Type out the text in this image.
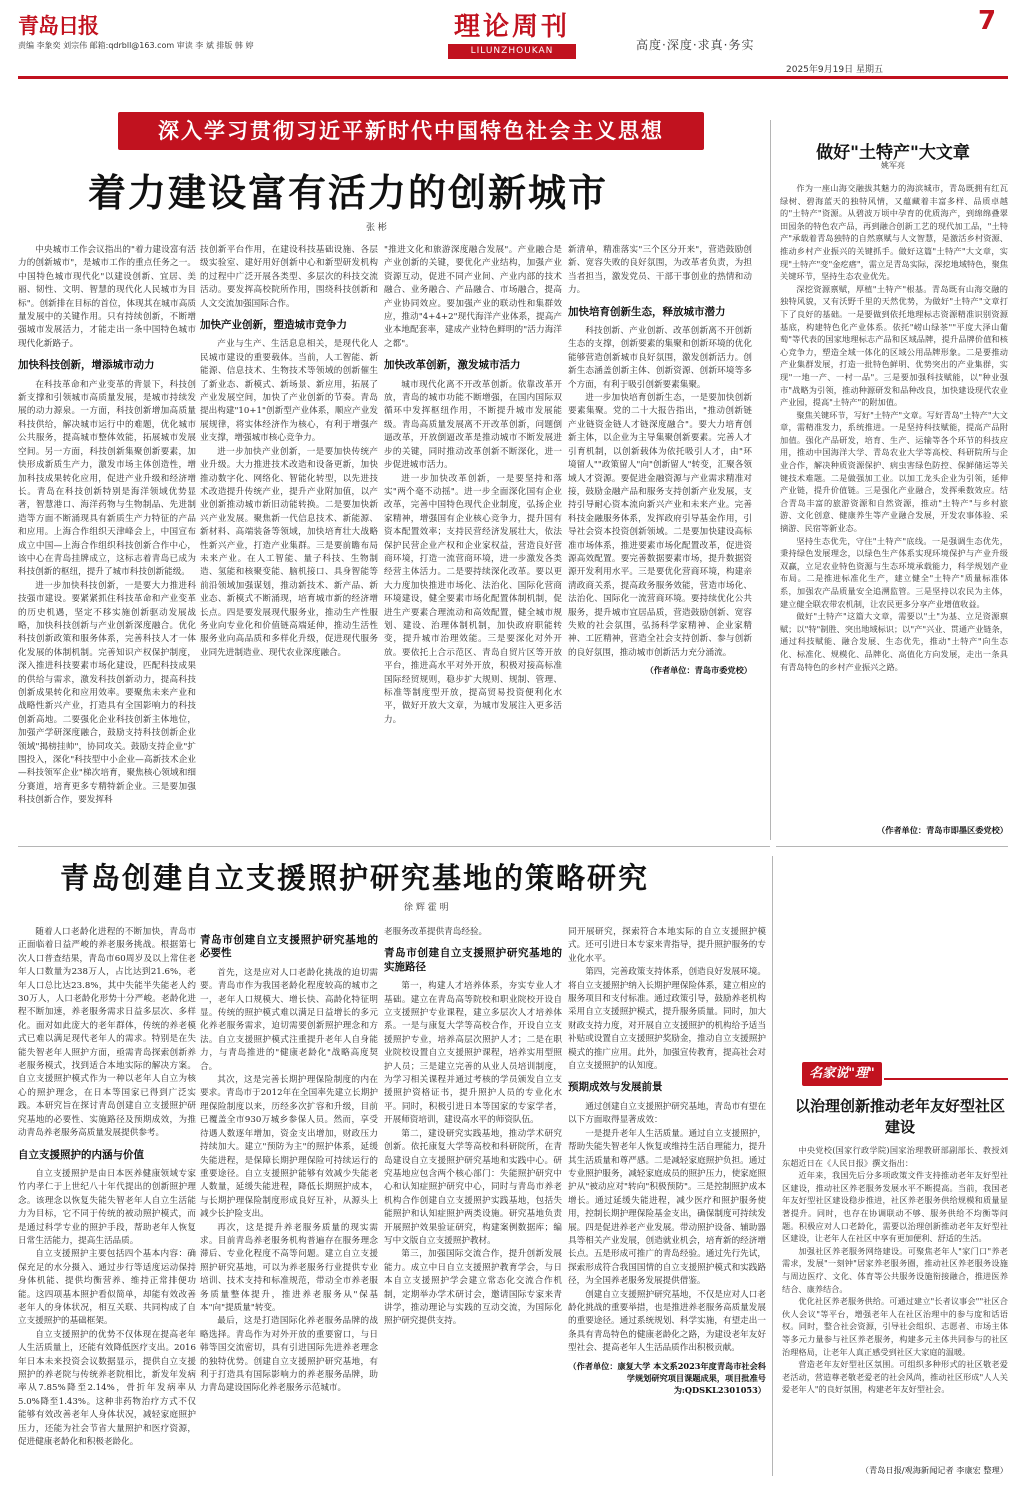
青岛日报	理论周刊
LILUNZHOUKAN
7
高度·深度·求真·务实
责编 李象奕 刘宗伟 邮箱:qdrbll@163.com 审读 李 斌 排版 韩 婷
2025年9月19日 星期五
深入学习贯彻习近平新时代中国特色社会主义思想
着力建设富有活力的创新城市
张 彬

中央城市工作会议指出的"着力建设富有活力的创新城市"，是城市工作的重点任务之一。中国特色城市现代化"以建设创新、宜居、美丽、韧性、文明、智慧的现代化人民城市为目标"。创新排在目标的首位，体现其在城市高质量发展中的关键作用。只有持续创新，不断增强城市发展活力，才能走出一条中国特色城市现代化新路子。

加快科技创新，增添城市动力

在科技革命和产业变革的背景下，科技创新支撑和引领城市高质量发展，是城市持续发展的动力源泉。一方面，科技创新增加高质量科技供给，解决城市运行中的难题，优化城市公共服务，提高城市整体效能，拓展城市发展空间。另一方面，科技创新集聚创新要素，加快形成新质生产力，激发市场主体创造性，增加科技成果转化应用，促进产业升级和经济增长。青岛在科技创新特别是海洋领域优势显著，智慧港口、海洋药物与生物制品、先进制造等方面不断涌现具有新质生产力特征的产品和应用。上海合作组织天津峰会上，中国宣布成立中国—上海合作组织科技创新合作中心，该中心在青岛挂牌成立，这标志着青岛已成为科技创新的枢纽，提升了城市科技创新能级。

进一步加快科技创新，一是要大力推进科技强市建设。要紧紧抓住科技革命和产业变革的历史机遇，坚定不移实施创新驱动发展战略，加快科技创新与产业创新深度融合。优化科技创新政策和服务体系，完善科技人才一体化发展的体制机制。完善知识产权保护制度，深入推进科技要素市场化建设，匹配科技成果的供给与需求，激发科技创新动力，提高科技创新成果转化和应用效率。要聚焦未来产业和战略性新兴产业，打造具有全国影响力的科技创新高地。二要强化企业科技创新主体地位，加强产学研深度融合，鼓励支持科技创新企业领域"揭榜挂帅"，协同攻关。鼓励支持企业"扩围投入，深化"科技型中小企业—高新技术企业—科技领军企业"梯次培育，聚焦核心领域和细分赛道，培育更多专精特新企业。三是要加强科技创新合作，要发挥科

技创新平台作用，在建设科技基础设施、各层级实验室、建好用好创新中心和新型研发机构的过程中广泛开展各类型、多层次的科技交流活动。要发挥高校院所作用，围绕科技创新和人文交流加强国际合作。

加快产业创新，塑造城市竞争力

产业与生产、生活息息相关，是现代化人民城市建设的重要载体。当前，人工智能、新能源、信息技术、生物技术等领域的创新催生了新业态、新模式、新场景、新应用，拓展了产业发展空间，加快了产业创新的节奏。青岛提出构建"10+1"创新型产业体系，顺应产业发展规律，将实体经济作为核心，有利于增强产业支撑，增强城市核心竞争力。

进一步加快产业创新，一是要加快传统产业升级。大力推进技术改造和设备更新，加快推动数字化、网络化、智能化转型，以先进技术改造提升传统产业，提升产业附加值，以产业创新推动城市新旧动能转换。二是要加快新兴产业发展。聚焦新一代信息技术、新能源、新材料、高端装备等领域，加快培育壮大战略性新兴产业，打造产业集群。三是要前瞻布局未来产业。在人工智能、量子科技、生物制造、氢能和核聚变能、脑机接口、具身智能等前沿领域加强谋划，推动新技术、新产品、新业态、新模式不断涌现，培育城市新的经济增长点。四是要发展现代服务业，推动生产性服务业向专业化和价值链高端延伸，推动生活性服务业向高品质和多样化升级，促进现代服务业同先进制造业、现代农业深度融合。

"推进文化和旅游深度融合发展"。产业融合是产业创新的关键，要优化产业结构，加强产业资源互动，促进不同产业间、产业内部的技术融合、业务融合、产品融合、市场融合，提高产业协同效应。要加强产业的联动性和集群效应，推动"4+4+2"现代海洋产业体系，提高产业本地配套率，建成产业特色鲜明的"活力海洋之都"。

加快改革创新，激发城市活力

城市现代化离不开改革创新。依靠改革开放，青岛的城市功能不断增强，在国内国际双循环中发挥枢纽作用，不断提升城市发展能级。青岛高质量发展离不开改革创新，问题倒逼改革，开放倒逼改革是推动城市不断发展进步的关键，同时推动改革创新不断深化，进一步促进城市活力。

进一步加快改革创新，一是要坚持和落实"两个毫不动摇"。进一步全面深化国有企业改革，完善中国特色现代企业制度，弘扬企业家精神，增强国有企业核心竞争力，提升国有资本配置效率；支持民营经济发展壮大，依法保护民营企业产权和企业家权益，营造良好营商环境，打造一流营商环境，进一步激发各类经营主体活力。二是要持续深化改革。要以更大力度加快推进市场化、法治化、国际化营商环境建设，健全要素市场化配置体制机制，促进生产要素合理流动和高效配置，健全城市规划、建设、治理体制机制，加快政府职能转变，提升城市治理效能。三是要深化对外开放。要依托上合示范区、青岛自贸片区等开放平台，推进高水平对外开放，积极对接高标准国际经贸规则，稳步扩大规则、规制、管理、标准等制度型开放，提高贸易投资便利化水平，做好开放大文章，为城市发展注入更多活力。

新清单，精准落实"三个区分开来"，营造鼓励创新、宽容失败的良好氛围，为改革者负责，为担当者担当，激发党员、干部干事创业的热情和动力。

加快培育创新生态，释放城市潜力

科技创新、产业创新、改革创新离不开创新生态的支撑，创新要素的集聚和创新环境的优化能够营造创新城市良好氛围，激发创新活力。创新生态涵盖创新主体、创新资源、创新环境等多个方面，有利于吸引创新要素集聚。

进一步加快培育创新生态，一是要加快创新要素集聚。党的二十大报告指出，"推动创新链产业链资金链人才链深度融合"。要大力培育创新主体，以企业为主导集聚创新要素。完善人才引育机制，以创新载体为依托吸引人才，由"环境留人""政策留人"向"创新留人"转变，汇聚各领域人才资源。要促进金融资源与产业需求精准对接，鼓励金融产品和服务支持创新产业发展，支持引导耐心资本流向新兴产业和未来产业。完善科技金融服务体系，发挥政府引导基金作用，引导社会资本投资创新领域。二是要加快建设高标准市场体系，推进要素市场化配置改革，促进资源高效配置。要完善数据要素市场，提升数据资源开发利用水平。三是要优化营商环境，构建亲清政商关系，提高政务服务效能，营造市场化、法治化、国际化一流营商环境。要持续优化公共服务，提升城市宜居品质，营造鼓励创新、宽容失败的社会氛围，弘扬科学家精神、企业家精神、工匠精神，营造全社会支持创新、参与创新的良好氛围，推动城市创新活力充分涌流。

（作者单位：青岛市委党校）
做好"土特产"大文章
姚军亮

作为一座山海交融拔其魅力的海滨城市，青岛既拥有红瓦绿树、碧海蓝天的独特风情，又蕴藏着丰富多样、品质卓越的"土特产"资源。从碧波万顷中孕育的优质海产，到绵绵叠翠田园条的特色农产品，再到融合创新工艺的现代加工品，"土特产"承载着青岛独特的自然禀赋与人文智慧，是激活乡村资源、推动乡村产业振兴的关键抓手。做好这篇"土特产"大文章，实现"土特产"变"金疙瘩"，需立足青岛实际，深挖地域特色，聚焦关键环节，坚持生态农业优先。

深挖资源禀赋，厚植"土特产"根基。青岛既有山海交融的独特风貌，又有沃野千里的天然优势，为做好"土特产"文章打下了良好的基础。一是要做到依托地理标志资源精准识别资源基底，构建特色化产业体系。依托"崂山绿茶""平度大泽山葡萄"等代表的国家地理标志产品和区域品牌，提升品牌价值和核心竞争力，塑造全域一体化的区域公用品牌形象。二是要推动产业集群发展，打造一批特色鲜明、优势突出的产业集群，实现"一地一产、一村一品"。三是要加强科技赋能，以"种业强市"战略为引领，推动种源研发和品种改良，加快建设现代农业产业园，提高"土特产"的附加值。

聚焦关键环节，写好"土特产"文章。写好青岛"土特产"大文章，需精准发力，系统推进。一是坚持科技赋能，提高产品附加值。强化产品研发，培育、生产、运输等各个环节的科技应用，推动中国海洋大学、青岛农业大学等高校、科研院所与企业合作，解决种质资源保护、病虫害绿色防控、保鲜储运等关键技术难题。二是做强加工业。以加工龙头企业为引领，延伸产业链，提升价值链。三是强化产业融合，发挥乘数效应。结合青岛丰富的旅游资源和自然资源，推动"土特产"与乡村旅游、文化创意、健康养生等产业融合发展，开发农事体验、采摘游、民宿等新业态。

坚持生态优先，守住"土特产"底线。一是强调生态优先，秉持绿色发展理念，以绿色生产体系实现环境保护与产业升级双赢，立足农业特色资源与生态环境承载能力，科学规划产业布局。二是推进标准化生产，建立健全"土特产"质量标准体系，加强农产品质量安全追溯监管。三是坚持以农民为主体，建立健全联农带农机制，让农民更多分享产业增值收益。

做好"土特产"这篇大文章，需要以"土"为基、立足资源禀赋；以"特"制胜、突出地域标识；以"产"兴业、贯通产业链条，通过科技赋能、融合发展、生态优先，推动"土特产"向生态化、标准化、规模化、品牌化、高值化方向发展，走出一条具有青岛特色的乡村产业振兴之路。

（作者单位：青岛市即墨区委党校）
青岛创建自立支援照护研究基地的策略研究
徐 辉 霍 明

随着人口老龄化进程的不断加快，青岛市正面临着日益严峻的养老服务挑战。根据第七次人口普查结果，青岛市60周岁及以上常住老年人口数量为238万人，占比达到21.6%，老年人口总比达23.8%，其中失能半失能老人约30万人，人口老龄化形势十分严峻。老龄化进程不断加速，养老服务需求日益多层次、多样化。面对如此庞大的老年群体，传统的养老模式已难以满足现代老年人的需求。特别是在失能失智老年人照护方面，亟需青岛探索创新养老服务模式，找到适合本地实际的解决方案。自立支援照护模式作为一种以老年人自立为核心的照护理念，在日本等国家已得到广泛实践。本研究旨在探讨青岛创建自立支援照护研究基地的必要性、实施路径及预期成效，为推动青岛养老服务高质量发展提供参考。

自立支援照护的内涵与价值

自立支援照护是由日本医养健康领域专家竹内孝仁于上世纪八十年代提出的创新照护理念。该理念以恢复失能失智老年人自立生活能力为目标，它不同于传统的被动照护模式，而是通过科学专业的照护手段，帮助老年人恢复日常生活能力，提高生活品质。

自立支援照护主要包括四个基本内容：确保充足的水分摄入、通过步行等适度运动保持身体机能、提供均衡营养、维持正常排便功能。这四项基本照护看似简单，却能有效改善老年人的身体状况，相互关联、共同构成了自立支援照护的基础框架。

自立支援照护的优势不仅体现在提高老年人生活质量上，还能有效降低医疗支出。2016年日本未来投资会议数据显示，提供自立支援照护的养老院与传统养老院相比，新发年发病率从7.85%降至2.14%，骨折年发病率从5.0%降至1.43%。这种非药物治疗方式不仅能够有效改善老年人身体状况，减轻家庭照护压力，还能为社会节省大量照护和医疗资源，促进健康老龄化和积极老龄化。

青岛市创建自立支援照护研究基地的必要性

首先，这是应对人口老龄化挑战的迫切需要。青岛市作为我国老龄化程度较高的城市之一，老年人口规模大、增长快、高龄化特征明显。传统的照护模式难以满足日益增长的多元化养老服务需求，迫切需要创新照护理念和方法。自立支援照护模式注重提升老年人自身能力，与青岛推进的"健康老龄化"战略高度契合。

其次，这是完善长期护理保险制度的内在要求。青岛市于2012年在全国率先建立长期护理保险制度以来，历经多次扩容和升级，目前已覆盖全市930万城乡参保人员。然而，享受待遇人数逐年增加，资金支出增加，财政压力持续加大。建立"预防为主"的照护体系，延缓失能进程，是保障长期护理保险可持续运行的重要途径。自立支援照护能够有效减少失能老人数量，延缓失能进程，降低长期照护成本，与长期护理保险制度形成良好互补，从源头上减少长护险支出。

再次，这是提升养老服务质量的现实需求。目前青岛养老服务机构普遍存在服务理念滞后、专业化程度不高等问题。建立自立支援照护研究基地，可以为养老服务行业提供专业培训、技术支持和标准规范，带动全市养老服务质量整体提升，推进养老服务从"保基本"向"提质量"转变。

最后，这是打造国际化养老服务品牌的战略选择。青岛作为对外开放的重要窗口，与日韩等国交流密切，具有引进国际先进养老理念的独特优势。创建自立支援照护研究基地，有利于打造具有国际影响力的养老服务品牌，助力青岛建设国际化养老服务示范城市。

老服务改革提供青岛经验。

青岛市创建自立支援照护研究基地的实施路径

第一，构建人才培养体系，夯实专业人才基础。建立在青岛高等院校和职业院校开设自立支援照护专业课程，建立多层次人才培养体系。一是与康复大学等高校合作，开设自立支援照护专业，培养高层次照护人才；二是在职业院校设置自立支援照护课程，培养实用型照护人员；三是建立完善的从业人员培训制度，为学习相关课程并通过考核的学员颁发自立支援照护资格证书，提升照护人员的专业化水平。同时，积极引进日本等国家的专家学者，开展师资培训，建设高水平的师资队伍。

第二，建设研究实践基地，推动学术研究创新。依托康复大学等高校和科研院所，在青岛建设自立支援照护研究基地和实践中心。研究基地应包含两个核心部门：失能照护研究中心和认知症照护研究中心，同时与青岛市养老机构合作创建自立支援照护实践基地，包括失能照护和认知症照护两类设施。研究基地负责开展照护效果验证研究，构建案例数据库；编写中文版自立支援照护教材。

第三，加强国际交流合作，提升创新发展能力。成立中日自立支援照护教育学会，与日本自立支援照护学会建立常态化交流合作机制，定期举办学术研讨会，邀请国际专家来青讲学，推动理论与实践的互动交流，为国际化照护研究提供支持。

同开展研究，探索符合本地实际的自立支援照护模式。还可引进日本专家来青指导，提升照护服务的专业化水平。

第四，完善政策支持体系，创造良好发展环境。将自立支援照护纳入长期护理保险体系，建立相应的服务项目和支付标准。通过政策引导，鼓励养老机构采用自立支援照护模式，提升服务质量。同时，加大财政支持力度，对开展自立支援照护的机构给予适当补贴或设置自立支援照护奖励金，推动自立支援照护模式的推广应用。此外，加强宣传教育，提高社会对自立支援照护的认知度。

预期成效与发展前景

通过创建自立支援照护研究基地，青岛市有望在以下方面取得显著成效：

一是提升老年人生活质量。通过自立支援照护，帮助失能失智老年人恢复或维持生活自理能力，提升其生活质量和尊严感。二是减轻家庭照护负担。通过专业照护服务，减轻家庭成员的照护压力，使家庭照护从"被动应对"转向"积极预防"。三是控制照护成本增长。通过延缓失能进程，减少医疗和照护服务使用，控制长期护理保险基金支出，确保制度可持续发展。四是促进养老产业发展。带动照护设备、辅助器具等相关产业发展，创造就业机会，培育新的经济增长点。五是形成可推广的青岛经验。通过先行先试，探索形成符合我国国情的自立支援照护模式和实践路径，为全国养老服务发展提供借鉴。

创建自立支援照护研究基地，不仅是应对人口老龄化挑战的重要举措，也是推进养老服务高质量发展的重要途径。通过系统规划、科学实施，有望走出一条具有青岛特色的健康老龄化之路，为建设老年友好型社会、提高老年人生活品质作出积极贡献。

（作者单位：康复大学 本文系2023年度青岛市社会科学规划研究项目课题成果，项目批准号为:QDSKL2301053）
名家说"理"
以治理创新推动老年友好型社区建设

中央党校(国家行政学院)国家治理教研部副部长、教授刘东超近日在《人民日报》撰文指出：

近年来，我国先后分多项政策文件支持推动老年友好型社区建设，推动社区养老服务发展水平不断提高。当前，我国老年友好型社区建设稳步推进，社区养老服务供给规模和质量显著提升。同时，也存在协调联动不够、服务供给不均衡等问题。积极应对人口老龄化，需要以治理创新推动老年友好型社区建设，让老年人在社区中享有更加便利、舒适的生活。

加强社区养老服务网络建设。可聚焦老年人"家门口"养老需求，发展"一刻钟"居家养老服务圈，推动社区养老服务设施与周边医疗、文化、体育等公共服务设施衔接融合，推进医养结合、康养结合。

优化社区养老服务供给。可通过建立"长者议事会""社区合伙人会议"等平台，增强老年人在社区治理中的参与度和话语权。同时，整合社会资源，引导社会组织、志愿者、市场主体等多元力量参与社区养老服务，构建多元主体共同参与的社区治理格局，让老年人真正感受到社区大家庭的温暖。

营造老年友好型社区氛围。可组织多种形式的社区敬老爱老活动，营造尊老敬老爱老的社会风尚，推动社区形成"人人关爱老年人"的良好氛围，构建老年友好型社会。

（青岛日报/观海新闻记者 李康宏 整理）
